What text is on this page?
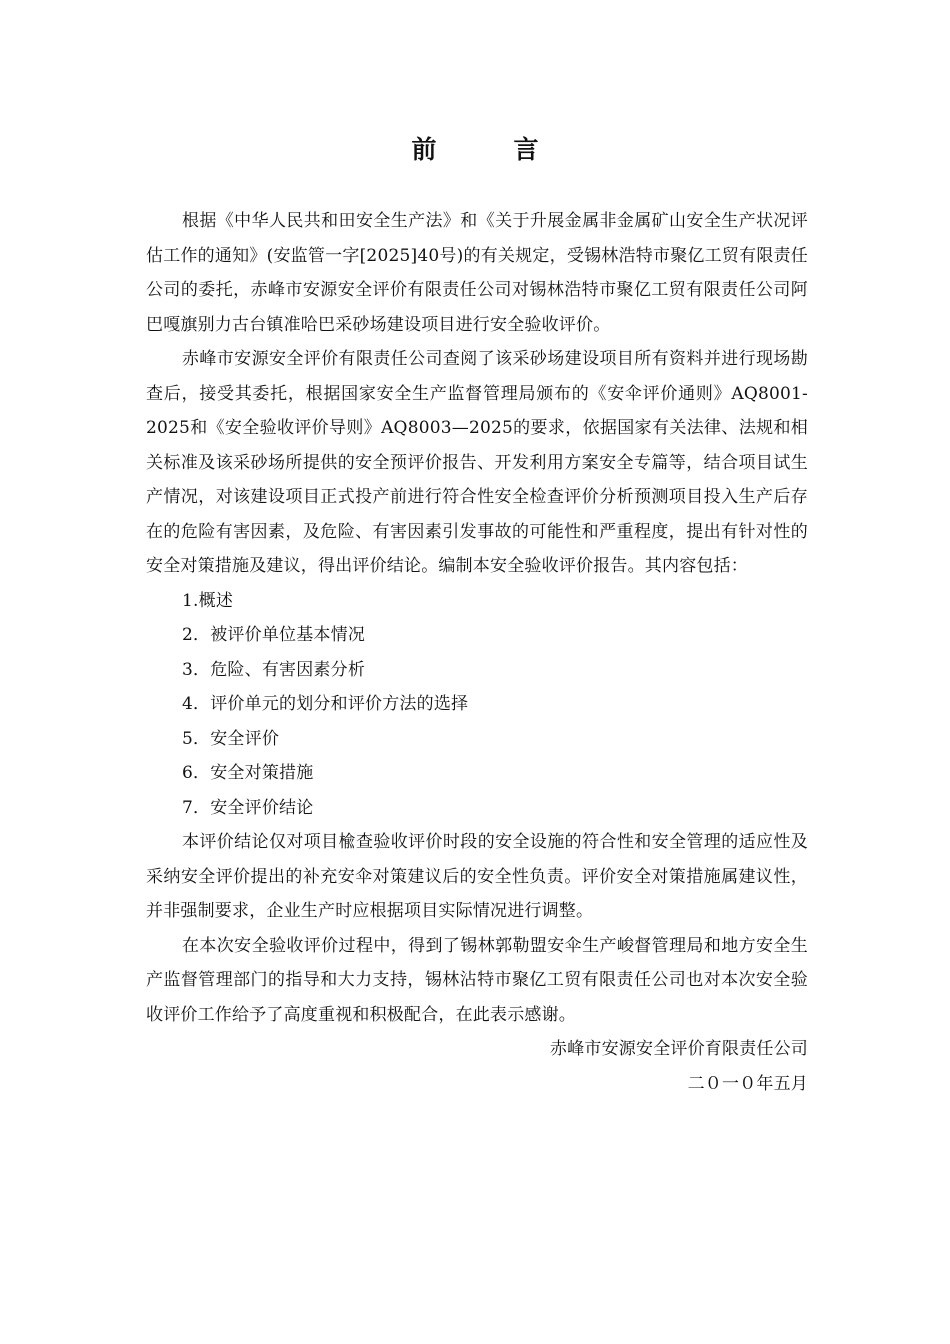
前　言

根据《中华人民共和田安全生产法》和《关于升展金属非金属矿山安全生产状况评估工作的通知》(安监管一字[2025]40号)的有关规定，受锡林浩特市聚亿工贸有限责任公司的委托，赤峰市安源安全评价有限责任公司对锡林浩特市聚亿工贸有限责任公司阿巴嘎旗别力古台镇准哈巴采砂场建设项目进行安全验收评价。

赤峰市安源安全评价有限责任公司查阅了该采砂场建设项目所有资料并进行现场勘查后，接受其委托，根据国家安全生产监督管理局颁布的《安伞评价通则》AQ8001-2025和《安全验收评价导则》AQ8003—2025的要求，依据国家有关法律、法规和相关标准及该采砂场所提供的安全预评价报告、开发利用方案安全专篇等，结合项目试生产情况，对该建设项目正式投产前进行符合性安全检查评价分析预测项目投入生产后存在的危险有害因素，及危险、有害因素引发事故的可能性和严重程度，提出有针对性的安全对策措施及建议，得出评价结论。编制本安全验收评价报告。其内容包括：

1.概述
2．被评价单位基本情况
3．危险、有害因素分析
4．评价单元的划分和评价方法的选择
5．安全评价
6．安全对策措施
7．安全评价结论

本评价结论仅对项目楡查验收评价时段的安全设施的符合性和安全管理的适应性及采纳安全评价提出的补充安伞对策建议后的安全性负责。评价安全对策措施属建议性，并非强制要求，企业生产时应根据项目实际情况进行调整。

在本次安全验收评价过程中，得到了锡林郭勒盟安伞生产峻督管理局和地方安全生产监督管理部门的指导和大力支持，锡林沾特市聚亿工贸有限责任公司也对本次安全验收评价工作给予了高度重视和积极配合，在此表示感谢。

赤峰市安源安全评价育限责任公司

二０一０年五月
